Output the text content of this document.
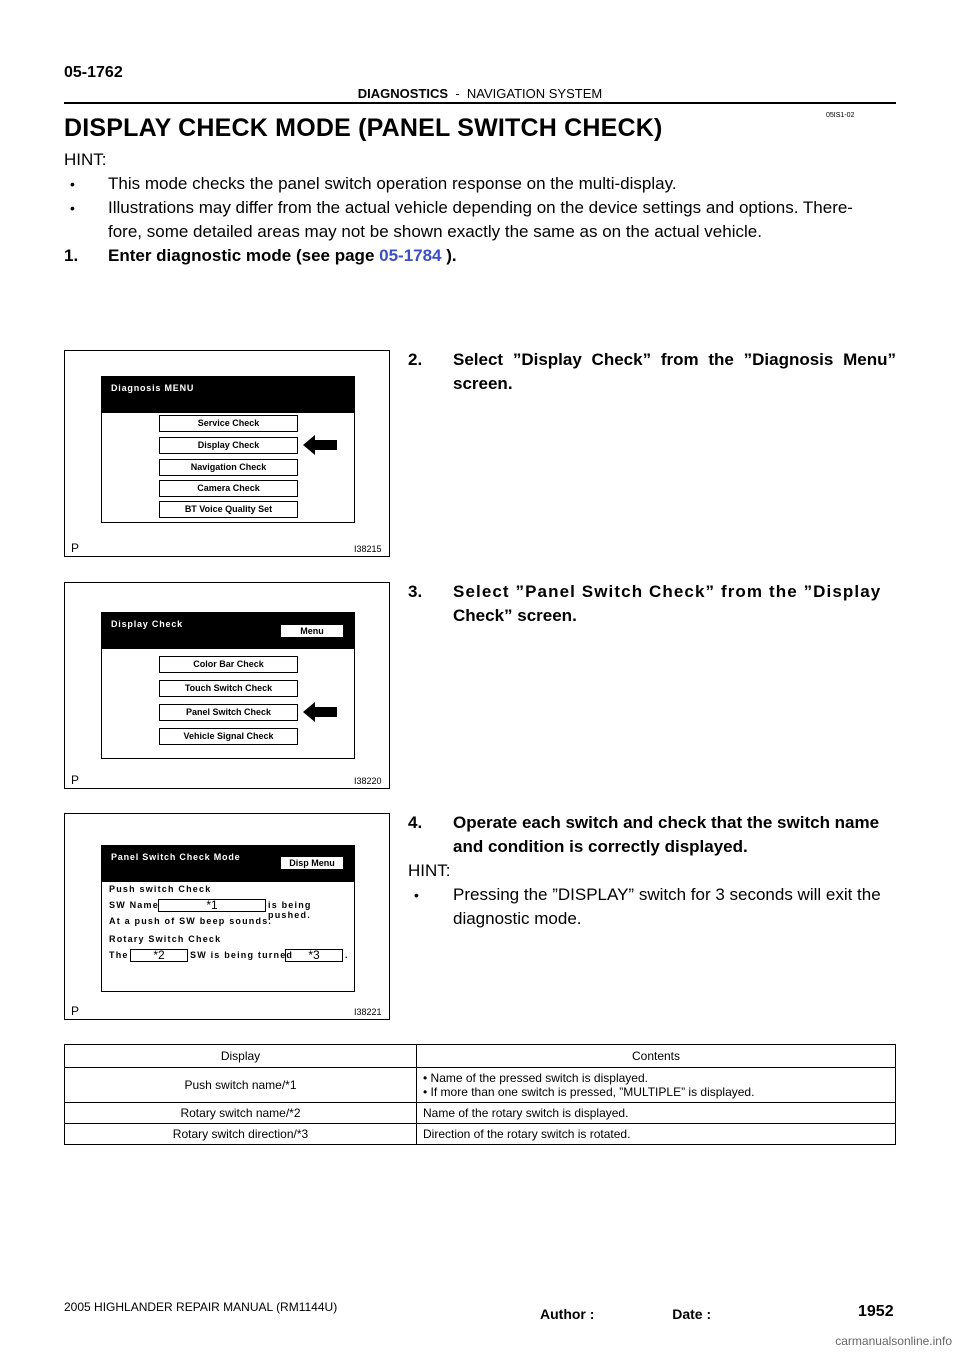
05-1762
DIAGNOSTICS - NAVIGATION SYSTEM
05IS1-02
DISPLAY CHECK MODE (PANEL SWITCH CHECK)
HINT:
• This mode checks the panel switch operation response on the multi-display.
• Illustrations may differ from the actual vehicle depending on the device settings and options. There-
fore, some detailed areas may not be shown exactly the same as on the actual vehicle.
1. Enter diagnostic mode (see page 05-1784 ).
Diagnosis MENU
Service Check
Display Check
Navigation Check
Camera Check
BT Voice Quality Set
P	I38215
2. Select ”Display Check” from the ”Diagnosis Menu”
screen.
Display Check
Menu
Color Bar Check
Touch Switch Check
Panel Switch Check
Vehicle Signal Check
P	I38220
3. Select ”Panel Switch Check” from the ”Display
Check” screen.
Panel Switch Check Mode
Disp Menu
Push switch Check
SW Name	*1	is being pushed.
At a push of SW beep sounds.
Rotary Switch Check
The	*2	SW is being turned	*3	.
P	I38221
4. Operate each switch and check that the switch name
and condition is correctly displayed.
HINT:
• Pressing the ”DISPLAY” switch for 3 seconds will exit the
diagnostic mode.
Display	Contents
Push switch name/*1	• Name of the pressed switch is displayed.
• If more than one switch is pressed, ”MULTIPLE” is displayed.

Rotary switch name/*2	Name of the rotary switch is displayed.
Rotary switch direction/*3	Direction of the rotary switch is rotated.
2005 HIGHLANDER REPAIR MANUAL (RM1144U)	Author :                    Date :	1952
carmanualsonline.info
